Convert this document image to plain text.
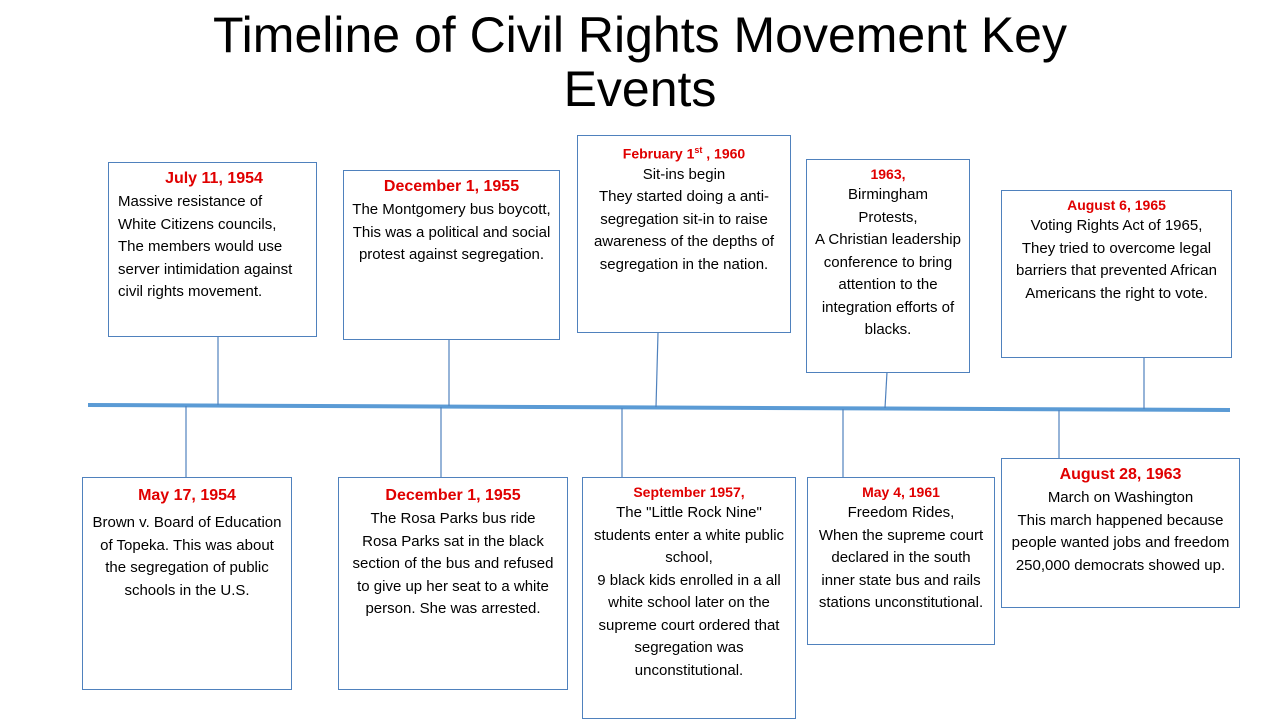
Timeline of Civil Rights Movement Key Events
July 11, 1954
Massive resistance of
White Citizens councils,
The members would use server intimidation against civil rights movement.
December 1, 1955
The Montgomery bus boycott,
This was a political and social protest against segregation.
February 1st , 1960
Sit-ins begin
They started doing a anti-segregation sit-in to raise awareness of the depths of segregation in the nation.
1963,
Birmingham
Protests,
A Christian leadership conference to bring attention to the integration efforts of blacks.
August 6, 1965
Voting Rights Act of 1965,
They tried to overcome legal barriers that prevented African Americans the right to vote.
May 17, 1954
Brown v. Board of Education of Topeka. This was about the segregation of public schools in the U.S.
December 1, 1955
The Rosa Parks bus ride
Rosa Parks sat in the black section of the bus and refused to give up her seat to a white person. She was arrested.
September 1957,
The "Little Rock Nine"
students enter a white public school,
9 black kids enrolled in a all white school later on the supreme court ordered that segregation was unconstitutional.
May 4, 1961
Freedom Rides,
When the supreme court declared in the south inner state bus and rails stations unconstitutional.
August 28, 1963
March on Washington
This march happened because people wanted jobs and freedom 250,000 democrats showed up.
